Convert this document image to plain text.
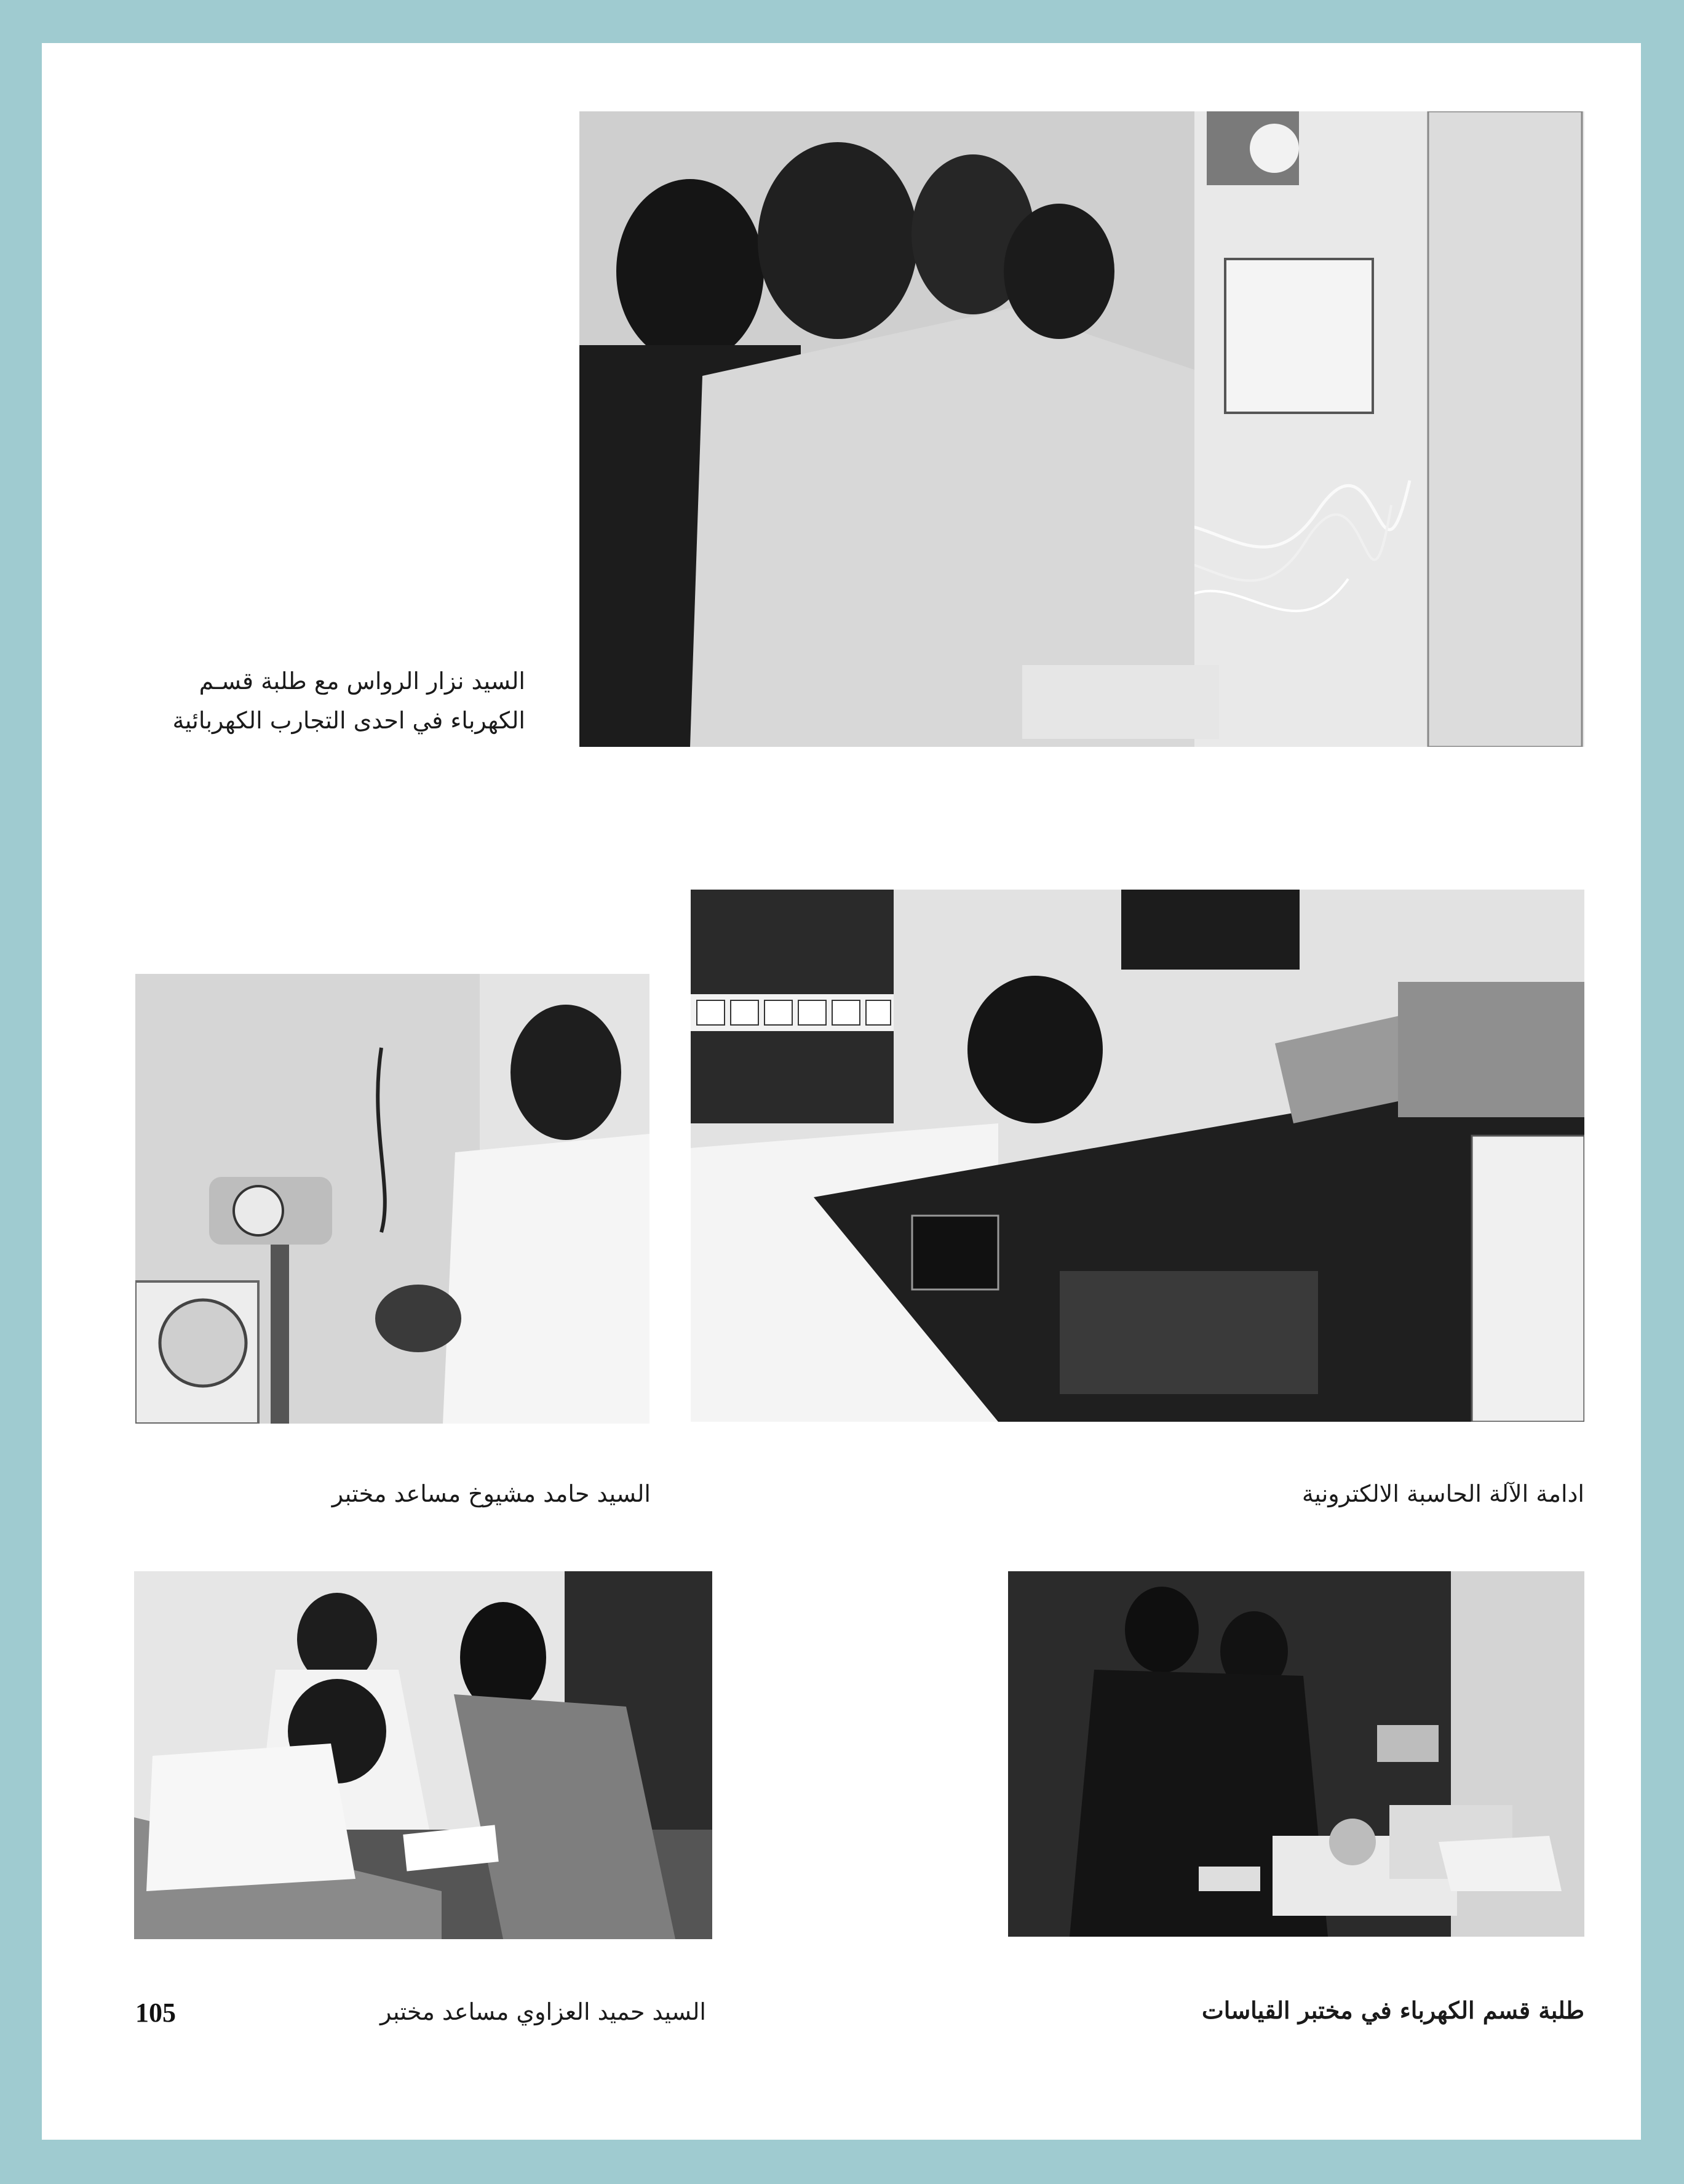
السيد نزار الرواس مع طلبة قسـم
الكهرباء في احدى التجارب الكهربائية
السيد حامد مشيوخ مساعد مختبر	ادامة الآلة الحاسبة الالكترونية
السيد حميد العزاوي مساعد مختبر	طلبة قسم الكهرباء في مختبر القياسات
105
